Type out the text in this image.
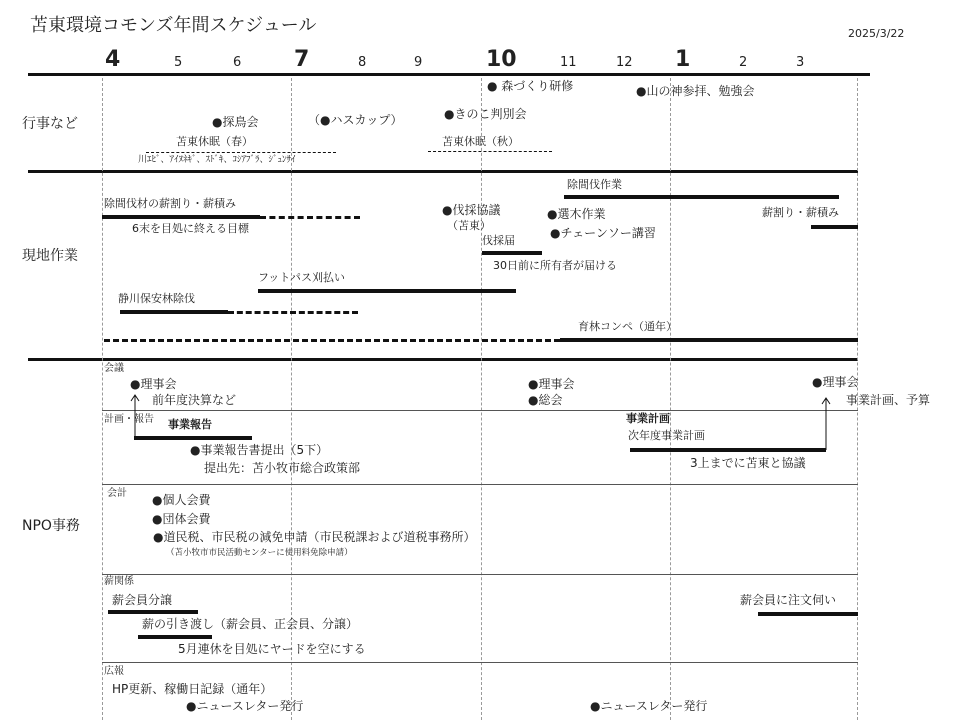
苫東環境コモンズ年間スケジュール	2025/3/22
4	5	6 7	8	9	10	11	12 1	2	3
行事など
現地作業
NPO事務
● 森づくり研修	●山の神参拝、勉強会
●探鳥会	（●ハスカップ）	●きのこ判別会
苫東休眠（春）
川ｴﾋﾞ、ｱｲﾇﾈｷﾞ、ｽﾄﾞｷ、ｺｼｱﾌﾞﾗ、ｼﾞｭﾝｻｲ
苫東休眠（秋）
除間伐材の薪割り・薪積み
6末を目処に終える目標
●伐採協議
（苫東）
伐採届
30日前に所有者が届ける
●選木作業
●チェーンソー講習
除間伐作業
薪割り・薪積み
フットパス刈払い
静川保安林除伐
育林コンペ（通年）
会議
●理事会
前年度決算など
●理事会
●総会
●理事会
事業計画、予算
計画・報告 事業報告
●事業報告書提出（5下）
提出先：苫小牧市総合政策部
事業計画
次年度事業計画
3上までに苫東と協議
会計 ●個人会費
●団体会費
●道民税、市民税の減免申請（市民税課および道税事務所）
（苫小牧市市民活動センターに使用料免除申請）
薪関係
薪会員分譲
薪の引き渡し（薪会員、正会員、分譲）
5月連休を目処にヤードを空にする
薪会員に注文伺い
広報
HP更新、稼働日記録（通年）
●ニュースレター発行	●ニュースレター発行
